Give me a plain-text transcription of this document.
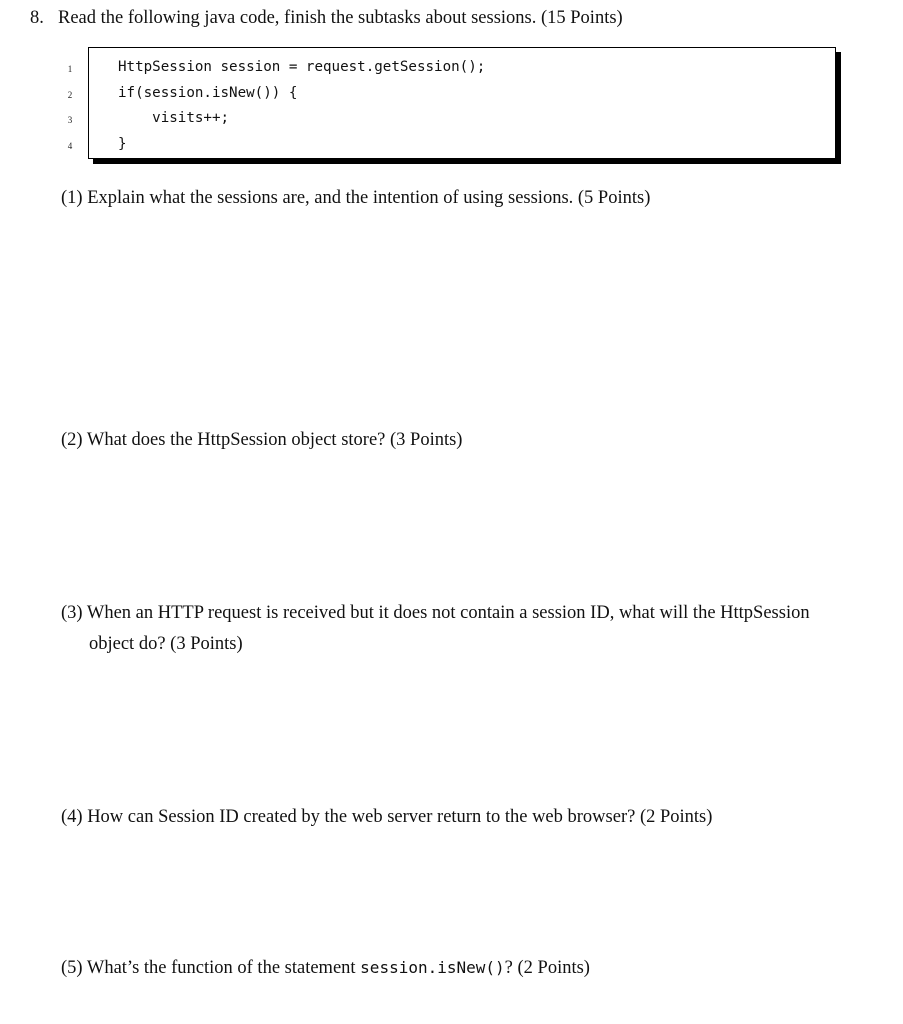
8. Read the following java code, finish the subtasks about sessions. (15 Points)
1
2
3
4
HttpSession session = request.getSession();
if(session.isNew()) {
visits++;
}
(1) Explain what the sessions are, and the intention of using sessions. (5 Points)
(2) What does the HttpSession object store? (3 Points)
(3) When an HTTP request is received but it does not contain a session ID, what will the HttpSession
object do? (3 Points)
(4) How can Session ID created by the web server return to the web browser? (2 Points)
(5) What’s the function of the statement session.isNew()? (2 Points)
